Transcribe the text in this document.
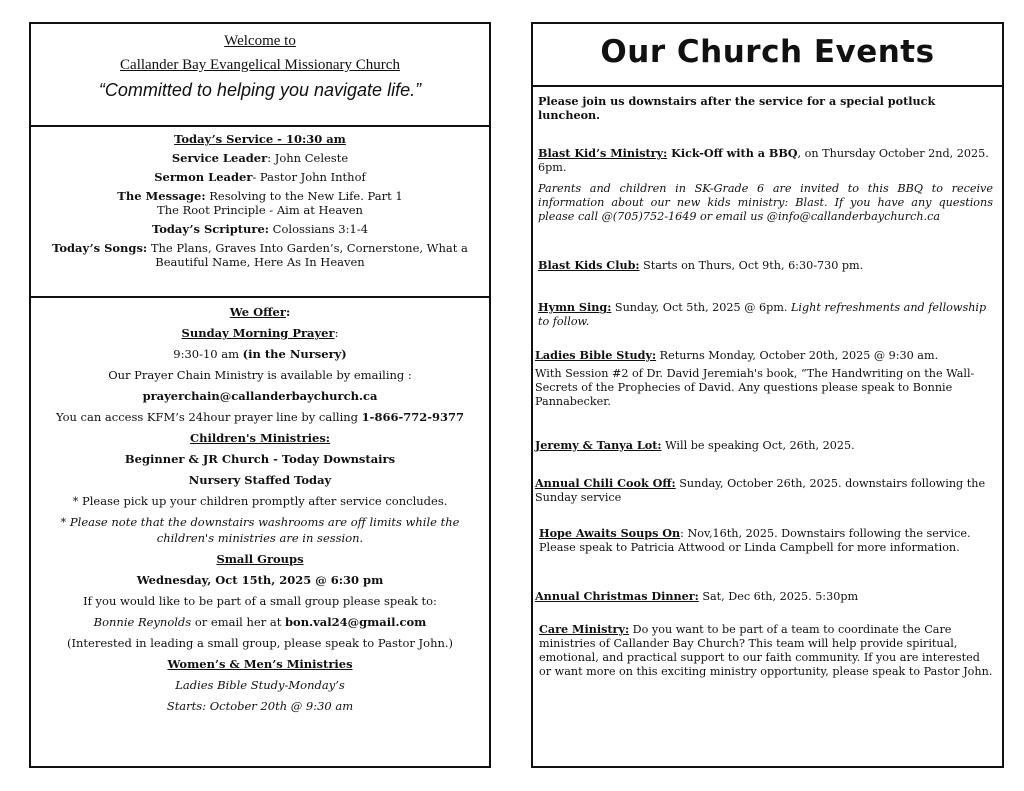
Welcome to
Callander Bay Evangelical Missionary Church
“Committed to helping you navigate life.”
Today’s Service - 10:30 am
Service Leader: John Celeste
Sermon Leader- Pastor John Inthof
The Message: Resolving to the New Life. Part 1
The Root Principle - Aim at Heaven
Today’s Scripture: Colossians 3:1-4
Today’s Songs: The Plans, Graves Into Garden’s, Cornerstone, What a Beautiful Name, Here As In Heaven
We Offer:
Sunday Morning Prayer:
9:30-10 am (in the Nursery)
Our Prayer Chain Ministry is available by emailing :
prayerchain@callanderbaychurch.ca
You can access KFM’s 24hour prayer line by calling 1-866-772-9377
Children's Ministries:
Beginner & JR Church - Today Downstairs
Nursery Staffed Today
* Please pick up your children promptly after service concludes.
* Please note that the downstairs washrooms are off limits while the children's ministries are in session.
Small Groups
Wednesday, Oct 15th, 2025 @ 6:30 pm
If you would like to be part of a small group please speak to:
Bonnie Reynolds or email her at bon.val24@gmail.com
(Interested in leading a small group, please speak to Pastor John.)
Women’s & Men’s Ministries
Ladies Bible Study-Monday’s
Starts: October 20th @ 9:30 am
Our Church Events
Please join us downstairs after the service for a special potluck luncheon.
Blast Kid’s Ministry: Kick-Off with a BBQ, on Thursday October 2nd, 2025. 6pm.
Parents and children in SK-Grade 6 are invited to this BBQ to receive information about our new kids ministry: Blast. If you have any questions please call @(705)752-1649 or email us @info@callanderbaychurch.ca
Blast Kids Club: Starts on Thurs, Oct 9th, 6:30-730 pm.
Hymn Sing: Sunday, Oct 5th, 2025 @ 6pm. Light refreshments and fellowship to follow.
Ladies Bible Study: Returns Monday, October 20th, 2025 @ 9:30 am.
With Session #2 of Dr. David Jeremiah's book, “The Handwriting on the Wall-Secrets of the Prophecies of David. Any questions please speak to Bonnie Pannabecker.
Jeremy & Tanya Lot: Will be speaking Oct, 26th, 2025.
Annual Chili Cook Off: Sunday, October 26th, 2025. downstairs following the Sunday service
Hope Awaits Soups On: Nov,16th, 2025. Downstairs following the service. Please speak to Patricia Attwood or Linda Campbell for more information.
Annual Christmas Dinner: Sat, Dec 6th, 2025. 5:30pm
Care Ministry: Do you want to be part of a team to coordinate the Care ministries of Callander Bay Church? This team will help provide spiritual, emotional, and practical support to our faith community. If you are interested or want more on this exciting ministry opportunity, please speak to Pastor John.
